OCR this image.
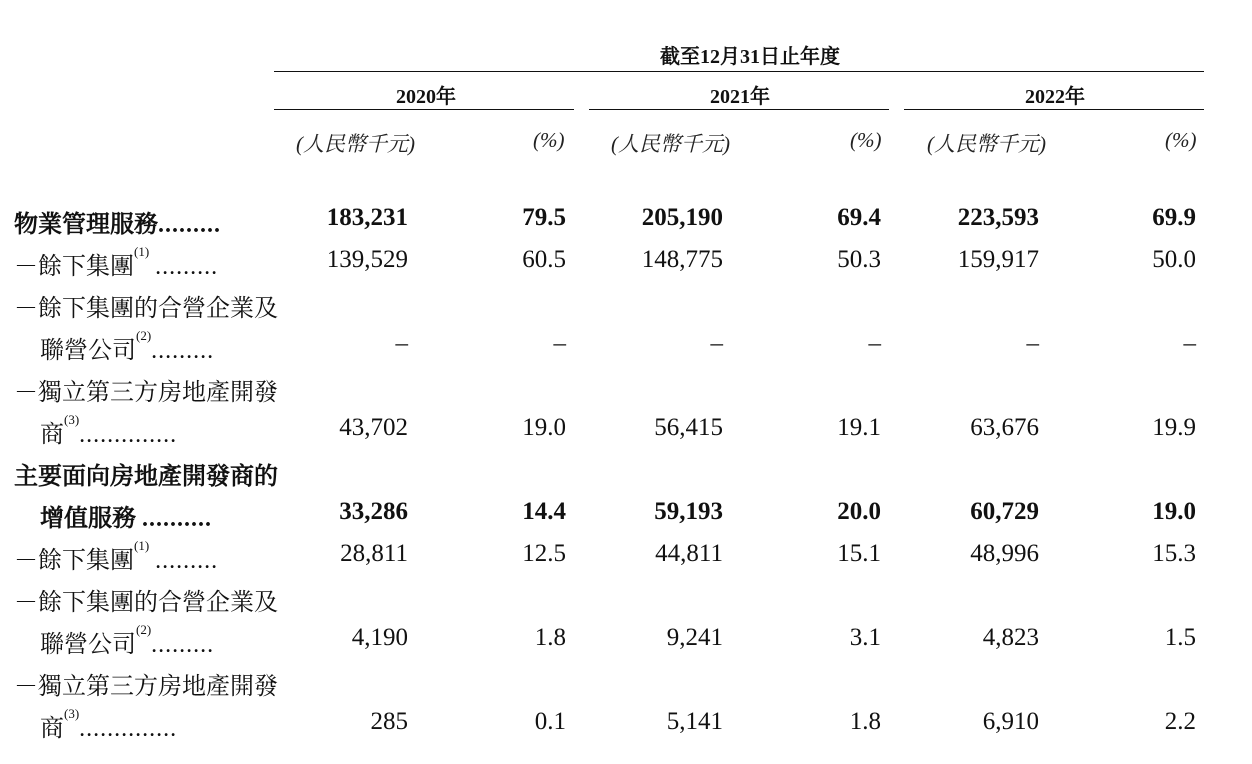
截至12月31日止年度
2020年	2021年	2022年
(人民幣千元)	(%) (人民幣千元)	(%) (人民幣千元)	(%)
物業管理服務.........	183,231	79.5	205,190	69.4	223,593	69.9
－餘下集團$^{(1)}$ .........	139,529	60.5	148,775	50.3	159,917	50.0
－餘下集團的合營企業及
聯營公司$^{(2)}$.........	–	–	–	–	–	–
－獨立第三方房地產開發
商$^{(3)}$..............	43,702	19.0	56,415	19.1	63,676	19.9
主要面向房地產開發商的
增值服務 ..........	33,286	14.4	59,193	20.0	60,729	19.0
－餘下集團$^{(1)}$ .........	28,811	12.5	44,811	15.1	48,996	15.3
－餘下集團的合營企業及
聯營公司$^{(2)}$.........	4,190	1.8	9,241	3.1	4,823	1.5
－獨立第三方房地產開發
商$^{(3)}$..............	285	0.1	5,141	1.8	6,910	2.2
